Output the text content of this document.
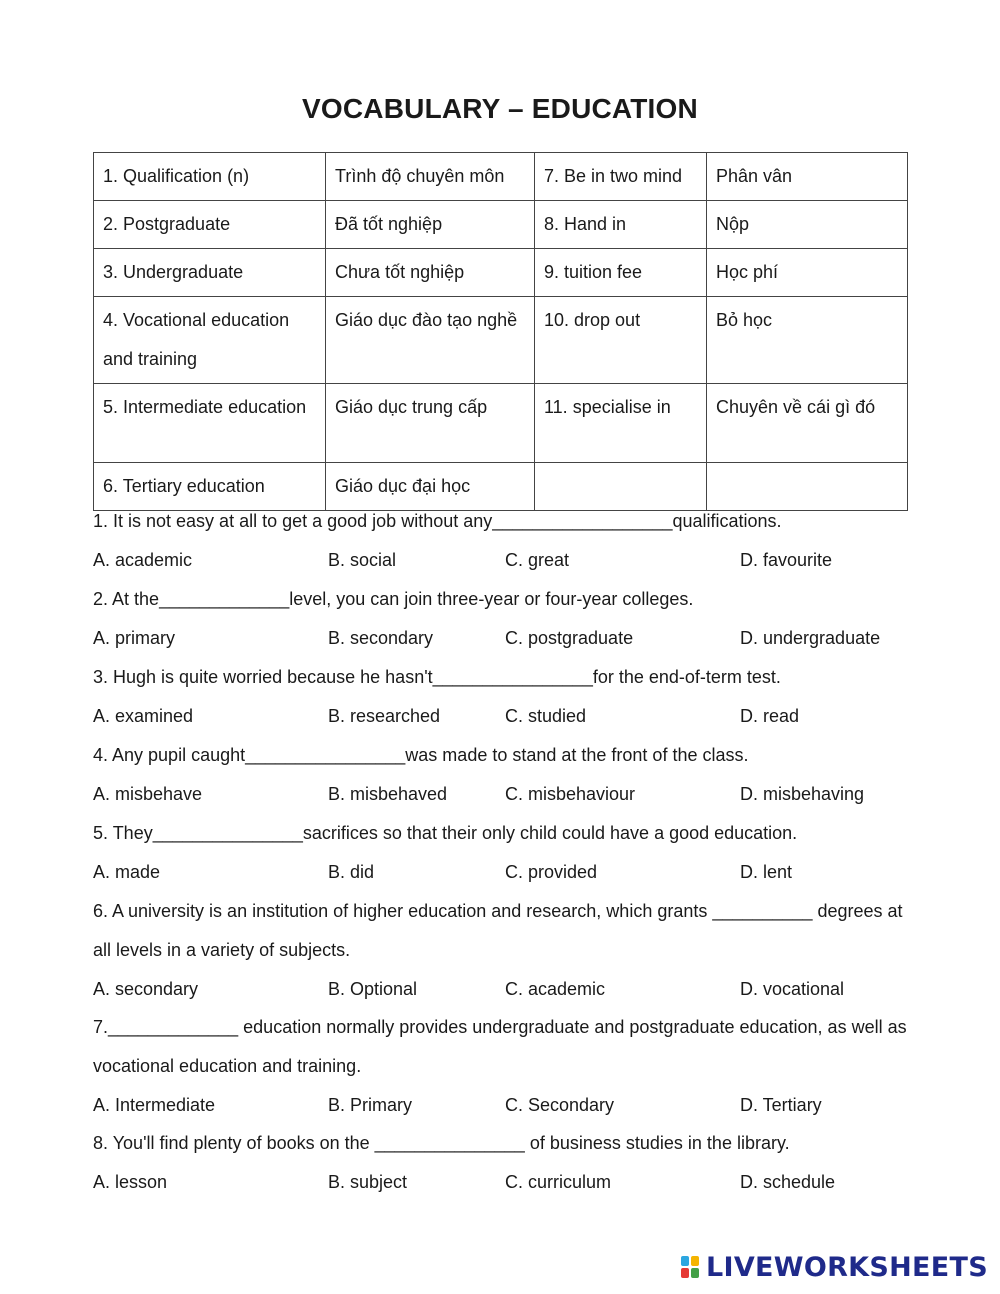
VOCABULARY – EDUCATION
1. Qualification (n)	Trình độ chuyên môn	7. Be in two mind	Phân vân
2. Postgraduate	Đã tốt nghiệp	8. Hand in	Nộp
3. Undergraduate	Chưa tốt nghiệp	9. tuition fee	Học phí
4. Vocational education and training	Giáo dục đào tạo nghề	10. drop out	Bỏ học
5. Intermediate education	Giáo dục trung cấp	11. specialise in	Chuyên về cái gì đó
6. Tertiary education	Giáo dục đại học		
1. It is not easy at all to get a good job without any__________________qualifications.
A. academic	B. social	C. great	D. favourite
2. At the_____________level, you can join three-year or four-year colleges.
A. primary	B. secondary	C. postgraduate	D. undergraduate
3. Hugh is quite worried because he hasn't________________for the end-of-term test.
A. examined	B. researched	C. studied	D. read
4. Any pupil caught________________was made to stand at the front of the class.
A. misbehave	B. misbehaved	C. misbehaviour	D. misbehaving
5. They_______________sacrifices so that their only child could have a good education.
A. made	B. did	C. provided	D. lent
6. A university is an institution of higher education and research, which grants __________ degrees at all levels in a variety of subjects.
A. secondary	B. Optional	C. academic	D. vocational
7._____________ education normally provides undergraduate and postgraduate education, as well as vocational education and training.
A. Intermediate	B. Primary	C. Secondary	D. Tertiary
8. You'll find plenty of books on the _______________ of business studies in the library.
A. lesson	B. subject	C. curriculum	D. schedule
LIVEWORKSHEETS
